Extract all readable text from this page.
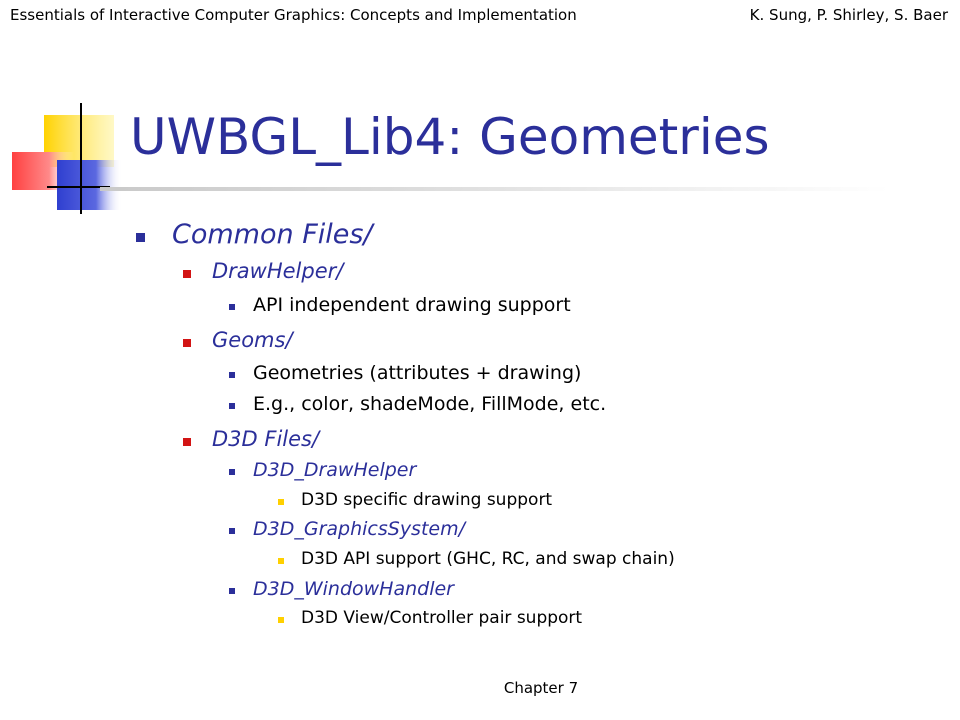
Essentials of Interactive Computer Graphics: Concepts and Implementation	K. Sung, P. Shirley, S. Baer
UWBGL_Lib4: Geometries
Common Files/
DrawHelper/
API independent drawing support
Geoms/
Geometries (attributes + drawing)
E.g., color, shadeMode, FillMode, etc.
D3D Files/
D3D_DrawHelper
D3D specific drawing support
D3D_GraphicsSystem/
D3D API support (GHC, RC, and swap chain)
D3D_WindowHandler
D3D View/Controller pair support
Chapter 7
